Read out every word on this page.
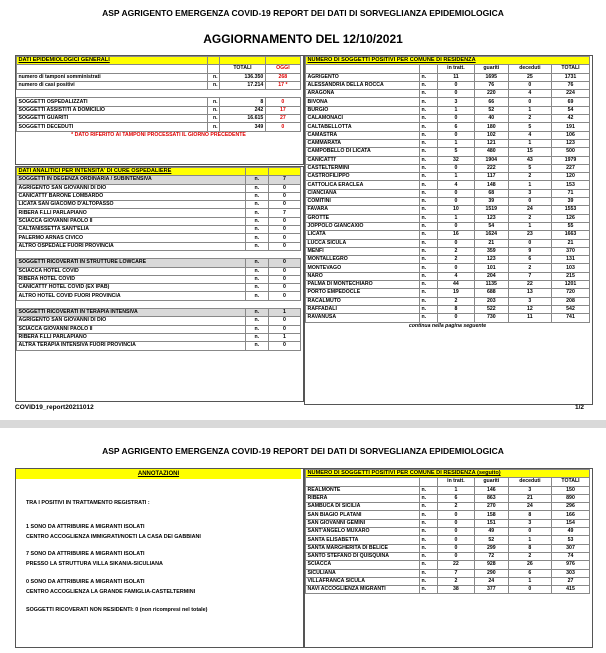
ASP AGRIGENTO EMERGENZA COVID-19 REPORT DEI DATI DI SORVEGLIANZA EPIDEMIOLOGICA
AGGIORNAMENTO DEL 12/10/2021
DATI EPIDEMIOLOGICI GENERALI			
		TOTALI	OGGI
numero di tamponi somministrati	n.	136.350	268
numero di casi positivi	n.	17.214	17 *

SOGGETTI OSPEDALIZZATI	n.	8	0
SOGGETTI ASSISTITI A DOMICILIO	n.	242	17
SOGGETTI GUARITI	n.	16.615	27
SOGGETTI DECEDUTI	n.	349	0
* DATO RIFERITO AI TAMPONI PROCESSATI IL GIORNO PRECEDENTE			
DATI ANALITICI PER INTENSITA' DI CURE OSPEDALIERE		
SOGGETTI IN DEGENZA ORDINARIA / SUBINTENSIVA	n.	7
AGRIGENTO SAN GIOVANNI DI DIO	n.	0
CANICATTI' BARONE LOMBARDO	n.	0
LICATA SAN GIACOMO D'ALTOPASSO	n.	0
RIBERA F.LLI PARLAPIANO	n.	7
SCIACCA GIOVANNI PAOLO II	n.	0
CALTANISSETTA SANT'ELIA	n.	0
PALERMO ARNAS CIVICO	n.	0
ALTRO OSPEDALE FUORI PROVINCIA	n.	0

SOGGETTI RICOVERATI IN STRUTTURE LOWCARE	n.	0
SCIACCA HOTEL COVID	n.	0
RIBERA HOTEL COVID	n.	0
CANICATTI' HOTEL COVID (EX IPAB)	n.	0
ALTRO HOTEL COVID FUORI PROVINCIA	n.	0

SOGGETTI RICOVERATI IN TERAPIA INTENSIVA	n.	1
AGRIGENTO SAN GIOVANNI DI DIO	n.	0
SCIACCA GIOVANNI PAOLO II	n.	0
RIBERA F.LLI PARLAPIANO	n.	1
ALTRA TERAPIA INTENSIVA FUORI PROVINCIA	n.	0
NUMERO DI SOGGETTI POSITIVI PER COMUNE DI RESIDENZA					
		in tratt.	guariti	deceduti	TOTALI
AGRIGENTO	n.	11	1695	25	1731
ALESSANDRIA DELLA ROCCA	n.	0	76	0	76
ARAGONA	n.	0	220	4	224
BIVONA	n.	3	66	0	69
BURGIO	n.	1	52	1	54
CALAMONACI	n.	0	40	2	42
CALTABELLOTTA	n.	6	180	5	191
CAMASTRA	n.	0	102	4	106
CAMMARATA	n.	1	121	1	123
CAMPOBELLO DI LICATA	n.	5	480	15	500
CANICATTI'	n.	32	1904	43	1979
CASTELTERMINI	n.	0	222	5	227
CASTROFILIPPO	n.	1	117	2	120
CATTOLICA ERACLEA	n.	4	148	1	153
CIANCIANA	n.	0	68	3	71
COMITINI	n.	0	39	0	39
FAVARA	n.	10	1519	24	1553
GROTTE	n.	1	123	2	126
JOPPOLO GIANCAXIO	n.	0	54	1	55
LICATA	n.	16	1624	23	1663
LUCCA SICULA	n.	0	21	0	21
MENFI	n.	2	359	9	370
MONTALLEGRO	n.	2	123	6	131
MONTEVAGO	n.	0	101	2	103
NARO	n.	4	204	7	215
PALMA DI MONTECHIARO	n.	44	1135	22	1201
PORTO EMPEDOCLE	n.	19	688	13	720
RACALMUTO	n.	2	203	3	208
RAFFADALI	n.	8	522	12	542
RAVANUSA	n.	0	730	11	741
continua nella pagina seguente					
COVID19_report20211012	1/2
ASP AGRIGENTO EMERGENZA COVID-19 REPORT DEI DATI DI SORVEGLIANZA EPIDEMIOLOGICA
ANNOTAZIONI
TRA I POSITIVI IN TRATTAMENTO REGISTRATI :
1 SONO DA ATTRIBUIRE A MIGRANTI ISOLATI
CENTRO ACCOGLIENZA IMMIGRATI/NOETI LA CASA DEI GABBIANI
7 SONO DA ATTRIBUIRE A MIGRANTI ISOLATI
PRESSO LA STRUTTURA VILLA SIKANIA-SICULIANA
0 SONO DA ATTRIBUIRE A MIGRANTI ISOLATI
CENTRO ACCOGLIENZA LA GRANDE FAMIGLIA-CASTELTERMINI
SOGGETTI RICOVERATI NON RESIDENTI: 0 (non ricompresi nel totale)
NUMERO DI SOGGETTI POSITIVI PER COMUNE DI RESIDENZA (seguito)					
		in tratt.	guariti	deceduti	TOTALI
REALMONTE	n.	1	146	3	150
RIBERA	n.	6	863	21	890
SAMBUCA DI SICILIA	n.	2	270	24	296
SAN BIAGIO PLATANI	n.	0	158	8	166
SAN GIOVANNI GEMINI	n.	0	151	3	154
SANT'ANGELO MUXARO	n.	0	49	0	49
SANTA ELISABETTA	n.	0	52	1	53
SANTA MARGHERITA DI BELICE	n.	0	299	8	307
SANTO STEFANO DI QUISQUINA	n.	0	72	2	74
SCIACCA	n.	22	928	26	976
SICULIANA	n.	7	290	6	303
VILLAFRANCA SICULA	n.	2	24	1	27
NAVI ACCOGLIENZA MIGRANTI	n.	38	377	0	415
